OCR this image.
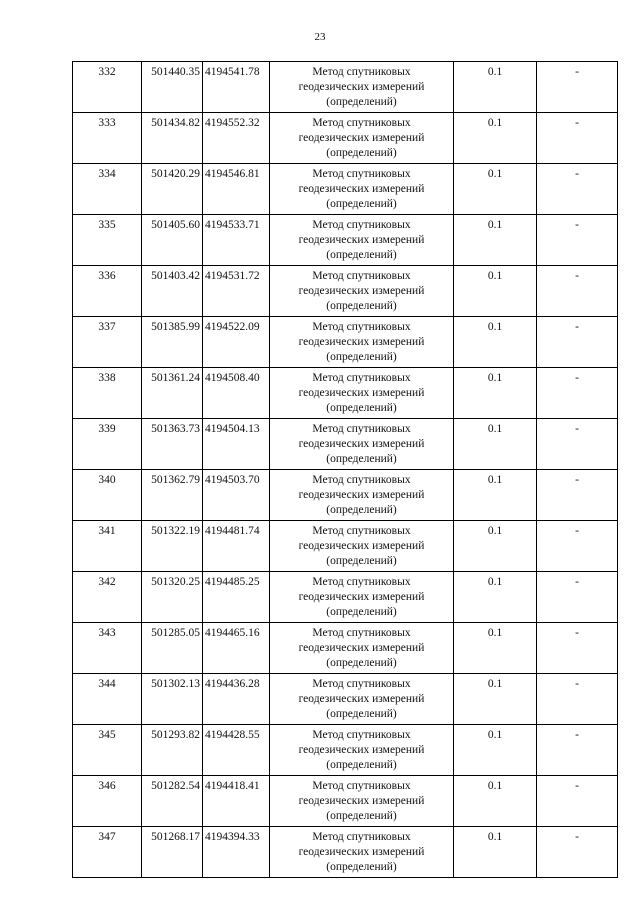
23
332	501440.35	4194541.78	Метод спутниковых
геодезических измерений
(определений)	0.1	-
333	501434.82	4194552.32	Метод спутниковых
геодезических измерений
(определений)	0.1	-
334	501420.29	4194546.81	Метод спутниковых
геодезических измерений
(определений)	0.1	-
335	501405.60	4194533.71	Метод спутниковых
геодезических измерений
(определений)	0.1	-
336	501403.42	4194531.72	Метод спутниковых
геодезических измерений
(определений)	0.1	-
337	501385.99	4194522.09	Метод спутниковых
геодезических измерений
(определений)	0.1	-
338	501361.24	4194508.40	Метод спутниковых
геодезических измерений
(определений)	0.1	-
339	501363.73	4194504.13	Метод спутниковых
геодезических измерений
(определений)	0.1	-
340	501362.79	4194503.70	Метод спутниковых
геодезических измерений
(определений)	0.1	-
341	501322.19	4194481.74	Метод спутниковых
геодезических измерений
(определений)	0.1	-
342	501320.25	4194485.25	Метод спутниковых
геодезических измерений
(определений)	0.1	-
343	501285.05	4194465.16	Метод спутниковых
геодезических измерений
(определений)	0.1	-
344	501302.13	4194436.28	Метод спутниковых
геодезических измерений
(определений)	0.1	-
345	501293.82	4194428.55	Метод спутниковых
геодезических измерений
(определений)	0.1	-
346	501282.54	4194418.41	Метод спутниковых
геодезических измерений
(определений)	0.1	-
347	501268.17	4194394.33	Метод спутниковых
геодезических измерений
(определений)	0.1	-
